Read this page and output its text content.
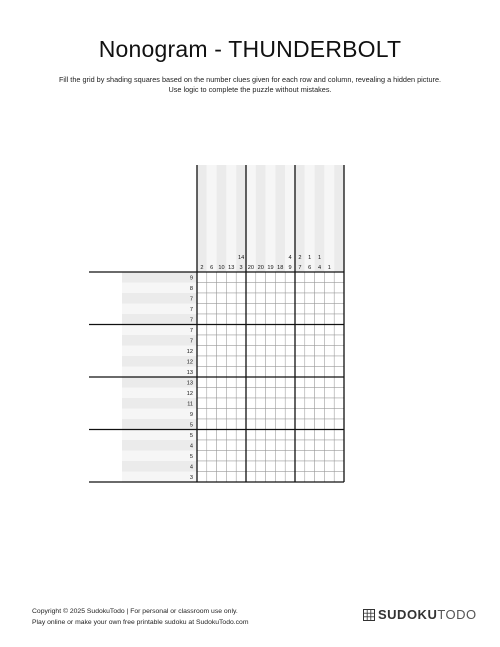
Nonogram - THUNDERBOLT
Fill the grid by shading squares based on the number clues given for each row and column, revealing a hidden picture. Use logic to complete the puzzle without mistakes.
2 6 10 13
14
3 20 20 19 18
4
9
2
7
1
6
1
4 1
9
8
7
7
7
7
7
12
12
13
13
12
11
9
5
5
4
5
4
3
Copyright © 2025 SudokuTodo | For personal or classroom use only.
Play online or make your own free printable sudoku at SudokuTodo.com
SUDOKUTODO
